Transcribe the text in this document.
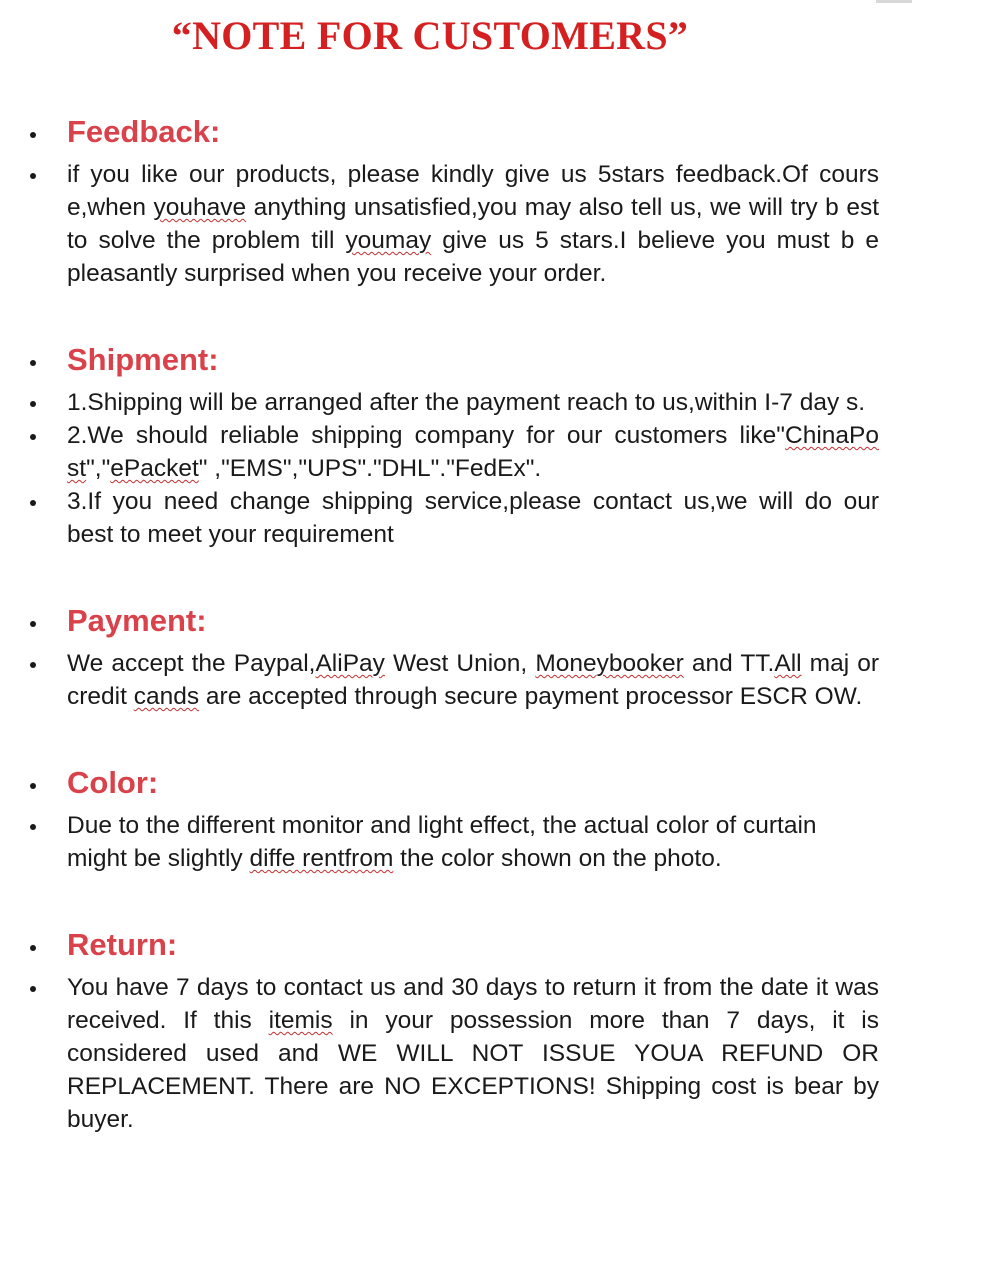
“NOTE FOR CUSTOMERS”
Feedback:
if you like our products, please kindly give us 5stars feedback.Of cours e,when youhave anything unsatisfied,you may also tell us, we will try b est to solve the problem till youmay give us 5 stars.I believe you must b e pleasantly surprised when you receive your order.
Shipment:
1.Shipping will be arranged after the payment reach to us,within I-7 day s.
2.We should reliable shipping company for our customers like"ChinaPo st","ePacket" ,"EMS","UPS"."DHL"."FedEx".
3.If you need change shipping service,please contact us,we will do our best to meet your requirement
Payment:
We accept the Paypal,AliPay West Union, Moneybooker and TT.All maj or credit cands are accepted through secure payment processor ESCR OW.
Color:
Due to the different monitor and light effect, the actual color of curtain might be slightly diffe rentfrom the color shown on the photo.
Return:
You have 7 days to contact us and 30 days to return it from the date it was received. If this itemis in your possession more than 7 days, it is considered used and WE WILL NOT ISSUE YOUA REFUND OR REPLACEMENT. There are NO EXCEPTIONS! Shipping cost is bear by buyer.
